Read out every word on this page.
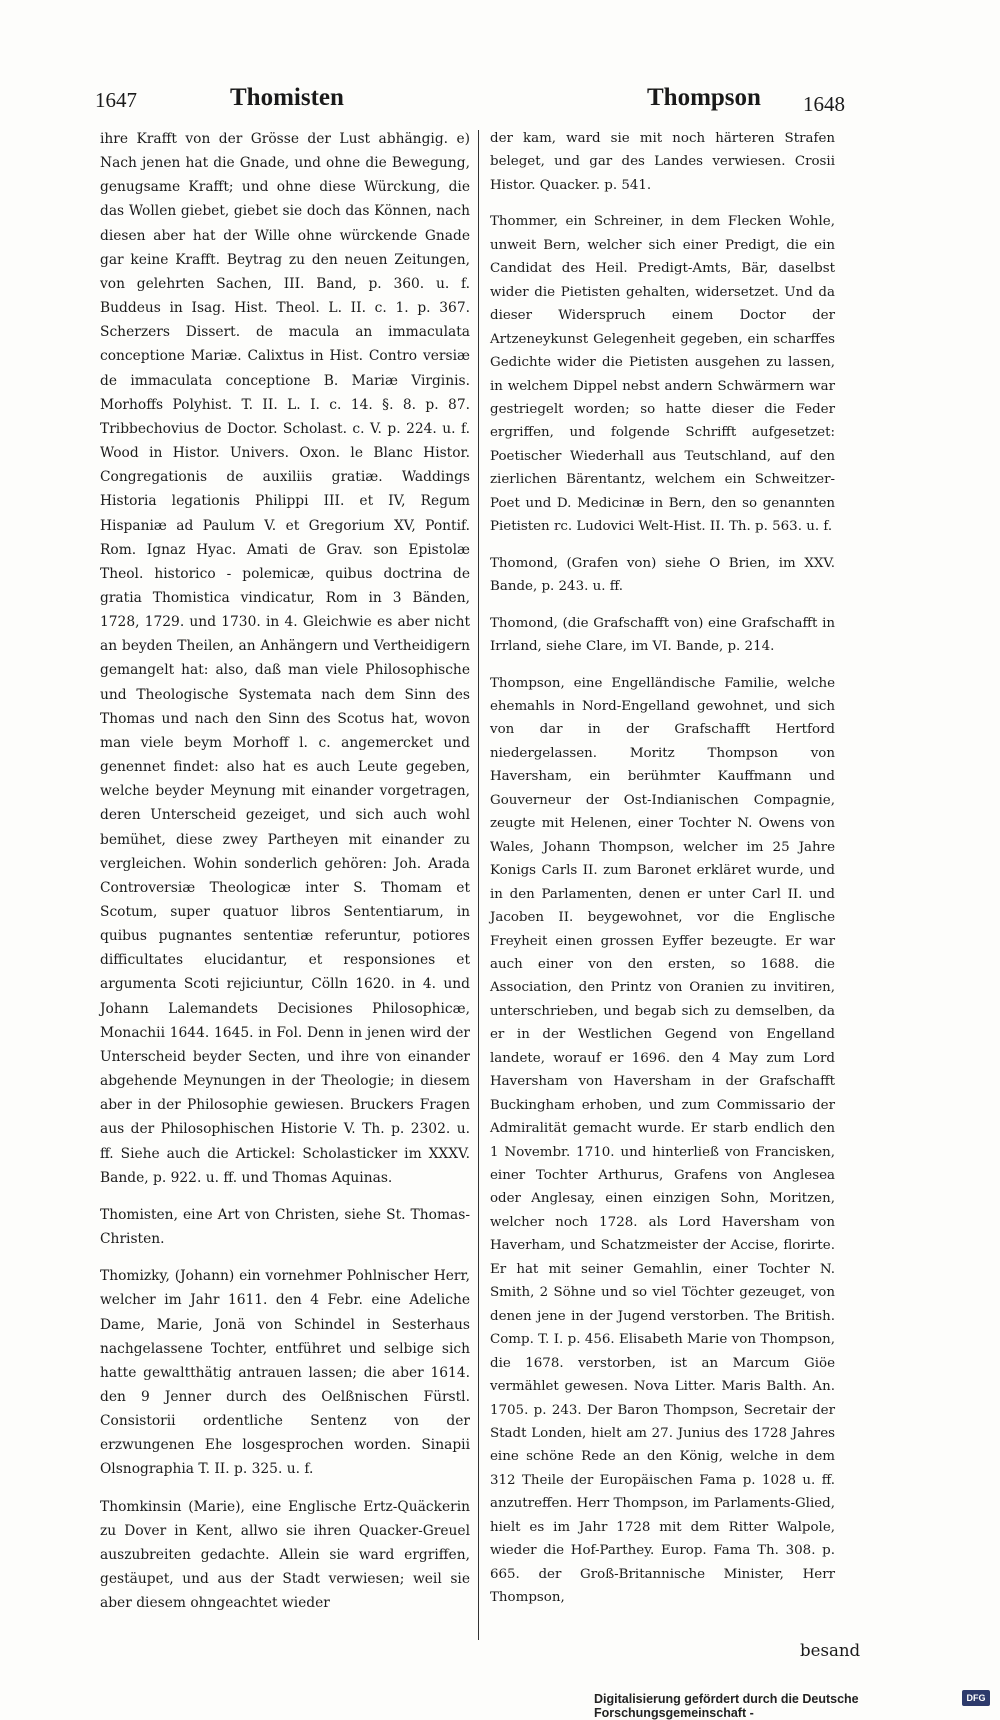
1647	Thomisten	Thompson 1648

ihre Krafft von der Grösse der Lust abhängig. e) Nach jenen hat die Gnade, und ohne die Bewegung, genugsame Krafft; und ohne diese Würckung, die das Wollen giebet, giebet sie doch das Können, nach diesen aber hat der Wille ohne würckende Gnade gar keine Krafft. Beytrag zu den neuen Zeitungen, von gelehrten Sachen, III. Band, p. 360. u. f. Buddeus in Isag. Hist. Theol. L. II. c. 1. p. 367. Scherzers Dissert. de macula an immaculata conceptione Mariæ. Calixtus in Hist. Contro versiæ de immaculata conceptione B. Mariæ Virginis. Morhoffs Polyhist. T. II. L. I. c. 14. §. 8. p. 87. Tribbechovius de Doctor. Scholast. c. V. p. 224. u. f. Wood in Histor. Univers. Oxon. le Blanc Histor. Congregationis de auxiliis gratiæ. Waddings Historia legationis Philippi III. et IV, Regum Hispaniæ ad Paulum V. et Gregorium XV, Pontif. Rom. Ignaz Hyac. Amati de Grav. son Epistolæ Theol. historico - polemicæ, quibus doctrina de gratia Thomistica vindicatur, Rom in 3 Bänden, 1728, 1729. und 1730. in 4. Gleichwie es aber nicht an beyden Theilen, an Anhängern und Vertheidigern gemangelt hat: also, daß man viele Philosophische und Theologische Systemata nach dem Sinn des Thomas und nach den Sinn des Scotus hat, wovon man viele beym Morhoff l. c. angemercket und genennet findet: also hat es auch Leute gegeben, welche beyder Meynung mit einander vorgetragen, deren Unterscheid gezeiget, und sich auch wohl bemühet, diese zwey Partheyen mit einander zu vergleichen. Wohin sonderlich gehören: Joh. Arada Controversiæ Theologicæ inter S. Thomam et Scotum, super quatuor libros Sententiarum, in quibus pugnantes sententiæ referuntur, potiores difficultates elucidantur, et responsiones et argumenta Scoti rejiciuntur, Cölln 1620. in 4. und Johann Lalemandets Decisiones Philosophicæ, Monachii 1644. 1645. in Fol. Denn in jenen wird der Unterscheid beyder Secten, und ihre von einander abgehende Meynungen in der Theologie; in diesem aber in der Philosophie gewiesen. Bruckers Fragen aus der Philosophischen Historie V. Th. p. 2302. u. ff. Siehe auch die Artickel: Scholasticker im XXXV. Bande, p. 922. u. ff. und Thomas Aquinas.

Thomisten, eine Art von Christen, siehe St. Thomas-Christen.

Thomizky, (Johann) ein vornehmer Pohlnischer Herr, welcher im Jahr 1611. den 4 Febr. eine Adeliche Dame, Marie, Jonä von Schindel in Sesterhaus nachgelassene Tochter, entführet und selbige sich hatte gewaltthätig antrauen lassen; die aber 1614. den 9 Jenner durch des Oelßnischen Fürstl. Consistorii ordentliche Sentenz von der erzwungenen Ehe losgesprochen worden. Sinapii Olsnographia T. II. p. 325. u. f.

Thomkinsin (Marie), eine Englische Ertz-Quäckerin zu Dover in Kent, allwo sie ihren Quacker-Greuel auszubreiten gedachte. Allein sie ward ergriffen, gestäupet, und aus der Stadt verwiesen; weil sie aber diesem ohngeachtet wieder

der kam, ward sie mit noch härteren Strafen beleget, und gar des Landes verwiesen. Crosii Histor. Quacker. p. 541.

Thommer, ein Schreiner, in dem Flecken Wohle, unweit Bern, welcher sich einer Predigt, die ein Candidat des Heil. Predigt-Amts, Bär, daselbst wider die Pietisten gehalten, widersetzet. Und da dieser Widerspruch einem Doctor der Artzeneykunst Gelegenheit gegeben, ein scharffes Gedichte wider die Pietisten ausgehen zu lassen, in welchem Dippel nebst andern Schwärmern war gestriegelt worden; so hatte dieser die Feder ergriffen, und folgende Schrifft aufgesetzet: Poetischer Wiederhall aus Teutschland, auf den zierlichen Bärentantz, welchem ein Schweitzer-Poet und D. Medicinæ in Bern, den so genannten Pietisten rc. Ludovici Welt-Hist. II. Th. p. 563. u. f.

Thomond, (Grafen von) siehe O Brien, im XXV. Bande, p. 243. u. ff.

Thomond, (die Grafschafft von) eine Grafschafft in Irrland, siehe Clare, im VI. Bande, p. 214.

Thompson, eine Engelländische Familie, welche ehemahls in Nord-Engelland gewohnet, und sich von dar in der Grafschafft Hertford niedergelassen. Moritz Thompson von Haversham, ein berühmter Kauffmann und Gouverneur der Ost-Indianischen Compagnie, zeugte mit Helenen, einer Tochter N. Owens von Wales, Johann Thompson, welcher im 25 Jahre Konigs Carls II. zum Baronet erkläret wurde, und in den Parlamenten, denen er unter Carl II. und Jacoben II. beygewohnet, vor die Englische Freyheit einen grossen Eyffer bezeugte. Er war auch einer von den ersten, so 1688. die Association, den Printz von Oranien zu invitiren, unterschrieben, und begab sich zu demselben, da er in der Westlichen Gegend von Engelland landete, worauf er 1696. den 4 May zum Lord Haversham von Haversham in der Grafschafft Buckingham erhoben, und zum Commissario der Admiralität gemacht wurde. Er starb endlich den 1 Novembr. 1710. und hinterließ von Francisken, einer Tochter Arthurus, Grafens von Anglesea oder Anglesay, einen einzigen Sohn, Moritzen, welcher noch 1728. als Lord Haversham von Haverham, und Schatzmeister der Accise, florirte. Er hat mit seiner Gemahlin, einer Tochter N. Smith, 2 Söhne und so viel Töchter gezeuget, von denen jene in der Jugend verstorben. The British. Comp. T. I. p. 456. Elisabeth Marie von Thompson, die 1678. verstorben, ist an Marcum Giöe vermählet gewesen. Nova Litter. Maris Balth. An. 1705. p. 243. Der Baron Thompson, Secretair der Stadt Londen, hielt am 27. Junius des 1728 Jahres eine schöne Rede an den König, welche in dem 312 Theile der Europäischen Fama p. 1028 u. ff. anzutreffen. Herr Thompson, im Parlaments-Glied, hielt es im Jahr 1728 mit dem Ritter Walpole, wieder die Hof-Parthey. Europ. Fama Th. 308. p. 665. der Groß-Britannische Minister, Herr Thompson,

besand
Digitalisierung gefördert durch die Deutsche Forschungsgemeinschaft -
DFG
